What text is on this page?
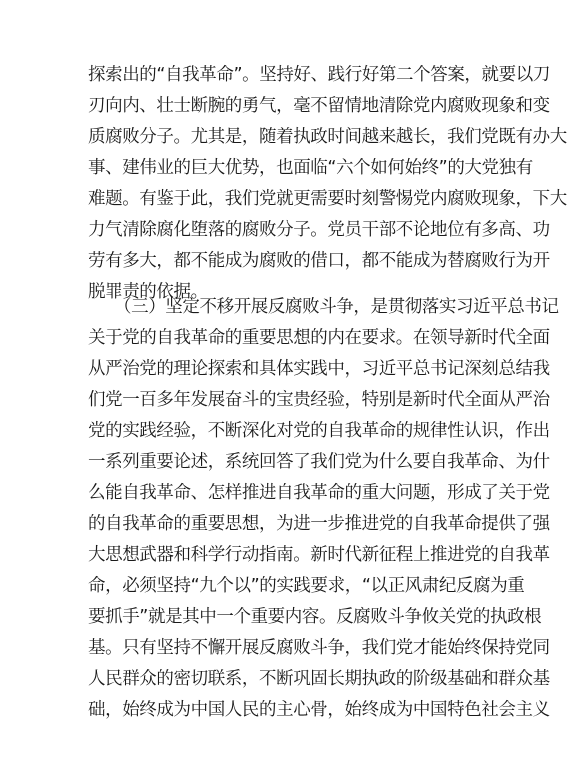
探索出的“自我革命”。坚持好、践行好第二个答案，就要以刀
刃向内、壮士断腕的勇气，毫不留情地清除党内腐败现象和变
质腐败分子。尤其是，随着执政时间越来越长，我们党既有办大
事、建伟业的巨大优势，也面临“六个如何始终”的大党独有
难题。有鉴于此，我们党就更需要时刻警惕党内腐败现象，下大
力气清除腐化堕落的腐败分子。党员干部不论地位有多高、功
劳有多大，都不能成为腐败的借口，都不能成为替腐败行为开
脱罪责的依据。
（三）坚定不移开展反腐败斗争，是贯彻落实习近平总书记
关于党的自我革命的重要思想的内在要求。在领导新时代全面
从严治党的理论探索和具体实践中，习近平总书记深刻总结我
们党一百多年发展奋斗的宝贵经验，特别是新时代全面从严治
党的实践经验，不断深化对党的自我革命的规律性认识，作出
一系列重要论述，系统回答了我们党为什么要自我革命、为什
么能自我革命、怎样推进自我革命的重大问题，形成了关于党
的自我革命的重要思想，为进一步推进党的自我革命提供了强
大思想武器和科学行动指南。新时代新征程上推进党的自我革
命，必须坚持“九个以”的实践要求，“以正风肃纪反腐为重
要抓手”就是其中一个重要内容。反腐败斗争攸关党的执政根
基。只有坚持不懈开展反腐败斗争，我们党才能始终保持党同
人民群众的密切联系，不断巩固长期执政的阶级基础和群众基
础，始终成为中国人民的主心骨，始终成为中国特色社会主义
